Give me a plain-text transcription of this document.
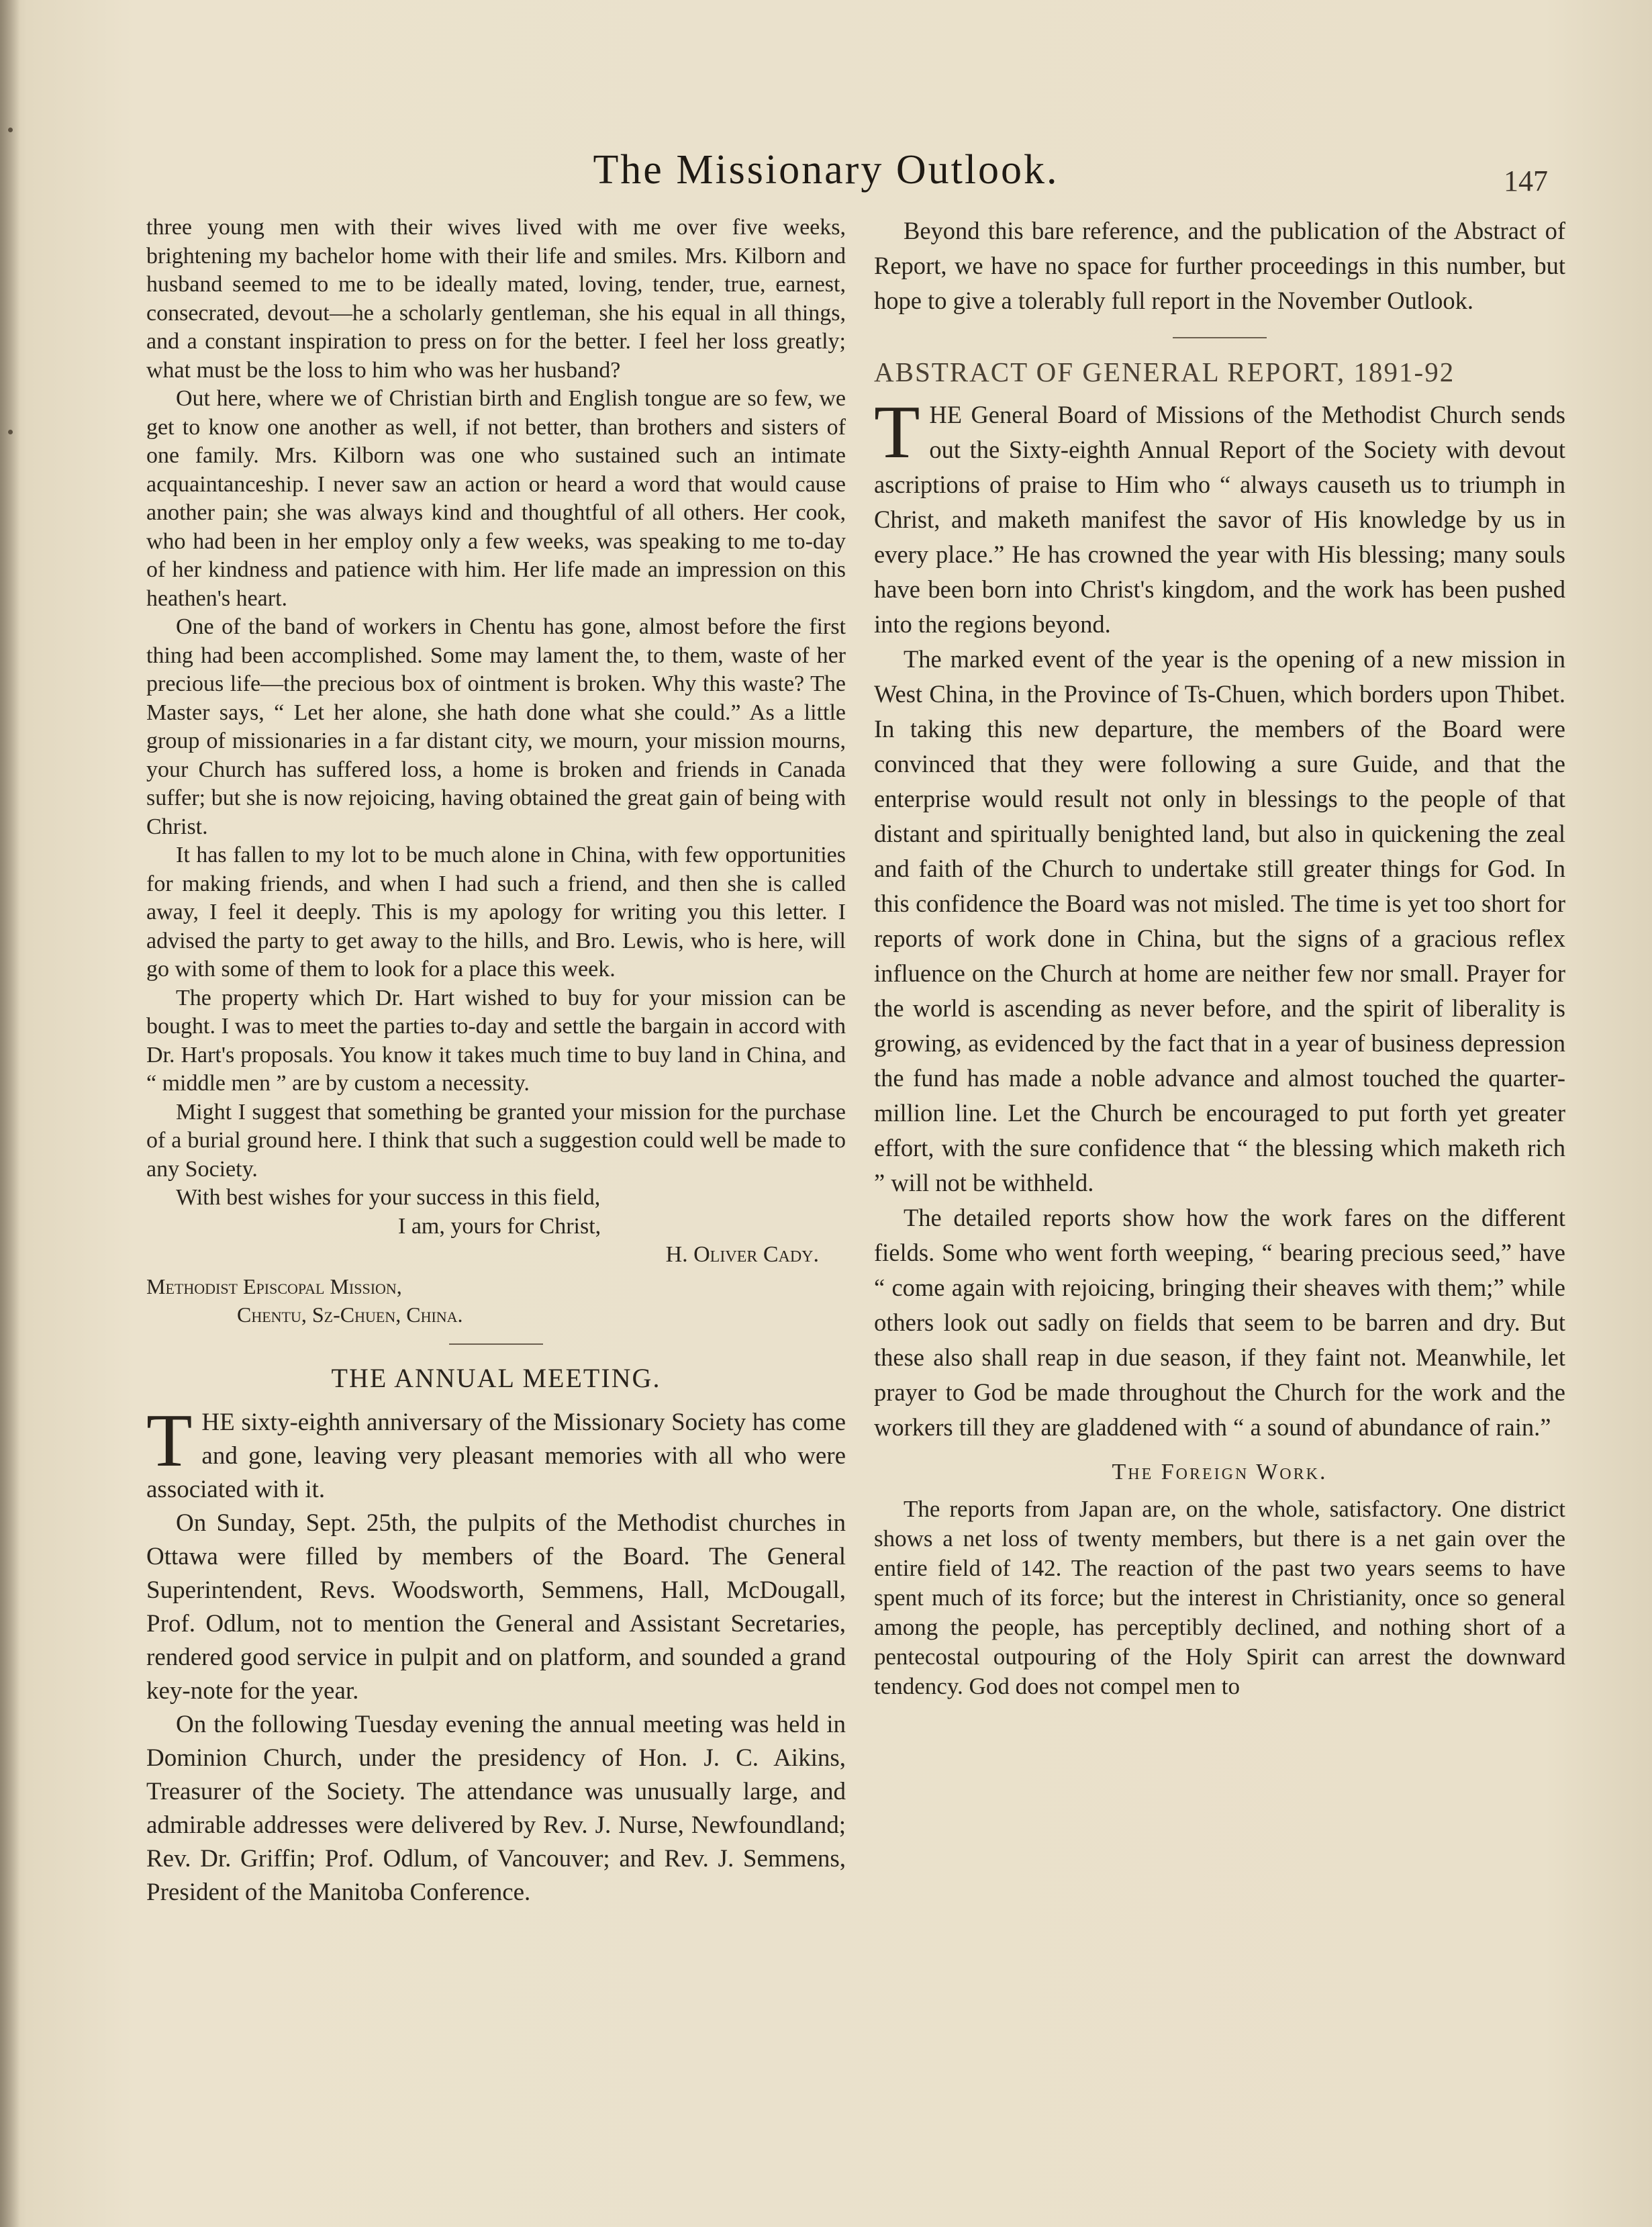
The Missionary Outlook.	147

three young men with their wives lived with me over five weeks, brightening my bachelor home with their life and smiles. Mrs. Kilborn and husband seemed to me to be ideally mated, loving, tender, true, earnest, consecrated, devout—he a scholarly gentleman, she his equal in all things, and a constant inspiration to press on for the better. I feel her loss greatly; what must be the loss to him who was her husband?

Out here, where we of Christian birth and English tongue are so few, we get to know one another as well, if not better, than brothers and sisters of one family. Mrs. Kilborn was one who sustained such an intimate acquaintanceship. I never saw an action or heard a word that would cause another pain; she was always kind and thoughtful of all others. Her cook, who had been in her employ only a few weeks, was speaking to me to-day of her kindness and patience with him. Her life made an impression on this heathen's heart.

One of the band of workers in Chentu has gone, almost before the first thing had been accomplished. Some may lament the, to them, waste of her precious life—the precious box of ointment is broken. Why this waste? The Master says, “ Let her alone, she hath done what she could.” As a little group of missionaries in a far distant city, we mourn, your mission mourns, your Church has suffered loss, a home is broken and friends in Canada suffer; but she is now rejoicing, having obtained the great gain of being with Christ.

It has fallen to my lot to be much alone in China, with few opportunities for making friends, and when I had such a friend, and then she is called away, I feel it deeply. This is my apology for writing you this letter. I advised the party to get away to the hills, and Bro. Lewis, who is here, will go with some of them to look for a place this week.

The property which Dr. Hart wished to buy for your mission can be bought. I was to meet the parties to-day and settle the bargain in accord with Dr. Hart's proposals. You know it takes much time to buy land in China, and “ middle men ” are by custom a necessity.

Might I suggest that something be granted your mission for the purchase of a burial ground here. I think that such a suggestion could well be made to any Society.

With best wishes for your success in this field,

I am, yours for Christ,
H. Oliver Cady.
Methodist Episcopal Mission,
Chentu, Sz-Chuen, China.
THE ANNUAL MEETING.

THE sixty-eighth anniversary of the Missionary Society has come and gone, leaving very pleasant memories with all who were associated with it.

On Sunday, Sept. 25th, the pulpits of the Methodist churches in Ottawa were filled by members of the Board. The General Superintendent, Revs. Woodsworth, Semmens, Hall, McDougall, Prof. Odlum, not to mention the General and Assistant Secretaries, rendered good service in pulpit and on platform, and sounded a grand key-note for the year.

On the following Tuesday evening the annual meeting was held in Dominion Church, under the presidency of Hon. J. C. Aikins, Treasurer of the Society. The attendance was unusually large, and admirable addresses were delivered by Rev. J. Nurse, Newfoundland; Rev. Dr. Griffin; Prof. Odlum, of Vancouver; and Rev. J. Semmens, President of the Manitoba Conference.

Beyond this bare reference, and the publication of the Abstract of Report, we have no space for further proceedings in this number, but hope to give a tolerably full report in the November Outlook.

ABSTRACT OF GENERAL REPORT, 1891-92

THE General Board of Missions of the Methodist Church sends out the Sixty-eighth Annual Report of the Society with devout ascriptions of praise to Him who “ always causeth us to triumph in Christ, and maketh manifest the savor of His knowledge by us in every place.” He has crowned the year with His blessing; many souls have been born into Christ's kingdom, and the work has been pushed into the regions beyond.

The marked event of the year is the opening of a new mission in West China, in the Province of Ts-Chuen, which borders upon Thibet. In taking this new departure, the members of the Board were convinced that they were following a sure Guide, and that the enterprise would result not only in blessings to the people of that distant and spiritually benighted land, but also in quickening the zeal and faith of the Church to undertake still greater things for God. In this confidence the Board was not misled. The time is yet too short for reports of work done in China, but the signs of a gracious reflex influence on the Church at home are neither few nor small. Prayer for the world is ascending as never before, and the spirit of liberality is growing, as evidenced by the fact that in a year of business depression the fund has made a noble advance and almost touched the quarter-million line. Let the Church be encouraged to put forth yet greater effort, with the sure confidence that “ the blessing which maketh rich ” will not be withheld.

The detailed reports show how the work fares on the different fields. Some who went forth weeping, “ bearing precious seed,” have “ come again with rejoicing, bringing their sheaves with them;” while others look out sadly on fields that seem to be barren and dry. But these also shall reap in due season, if they faint not. Meanwhile, let prayer to God be made throughout the Church for the work and the workers till they are gladdened with “ a sound of abundance of rain.”

The Foreign Work.

The reports from Japan are, on the whole, satisfactory. One district shows a net loss of twenty members, but there is a net gain over the entire field of 142. The reaction of the past two years seems to have spent much of its force; but the interest in Christianity, once so general among the people, has perceptibly declined, and nothing short of a pentecostal outpouring of the Holy Spirit can arrest the downward tendency. God does not compel men to
